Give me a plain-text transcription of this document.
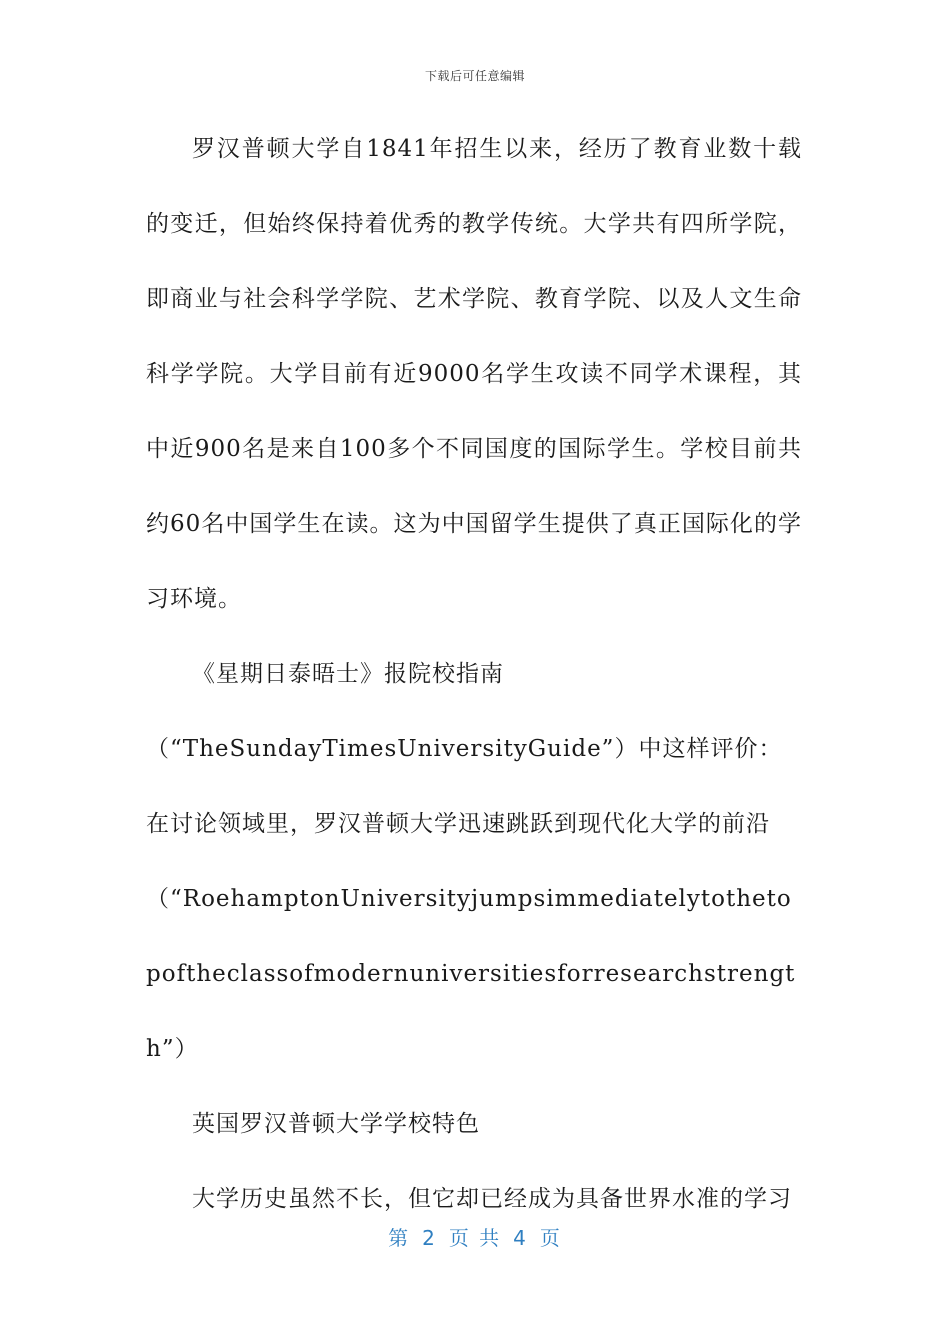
下载后可任意编辑

罗汉普顿大学自1841年招生以来，经历了教育业数十载的变迁，但始终保持着优秀的教学传统。大学共有四所学院，即商业与社会科学学院、艺术学院、教育学院、以及人文生命科学学院。大学目前有近9000名学生攻读不同学术课程，其中近900名是来自100多个不同国度的国际学生。学校目前共约60名中国学生在读。这为中国留学生提供了真正国际化的学习环境。

《星期日泰晤士》报院校指南

（“TheSundayTimesUniversityGuide”）中这样评价：在讨论领域里，罗汉普顿大学迅速跳跃到现代化大学的前沿（“RoehamptonUniversityjumpsimmediatelytothetopoftheclassofmodernuniversitiesforresearchstrength”）

英国罗汉普顿大学学校特色

大学历史虽然不长，但它却已经成为具备世界水准的学习

第 2 页 共 4 页
